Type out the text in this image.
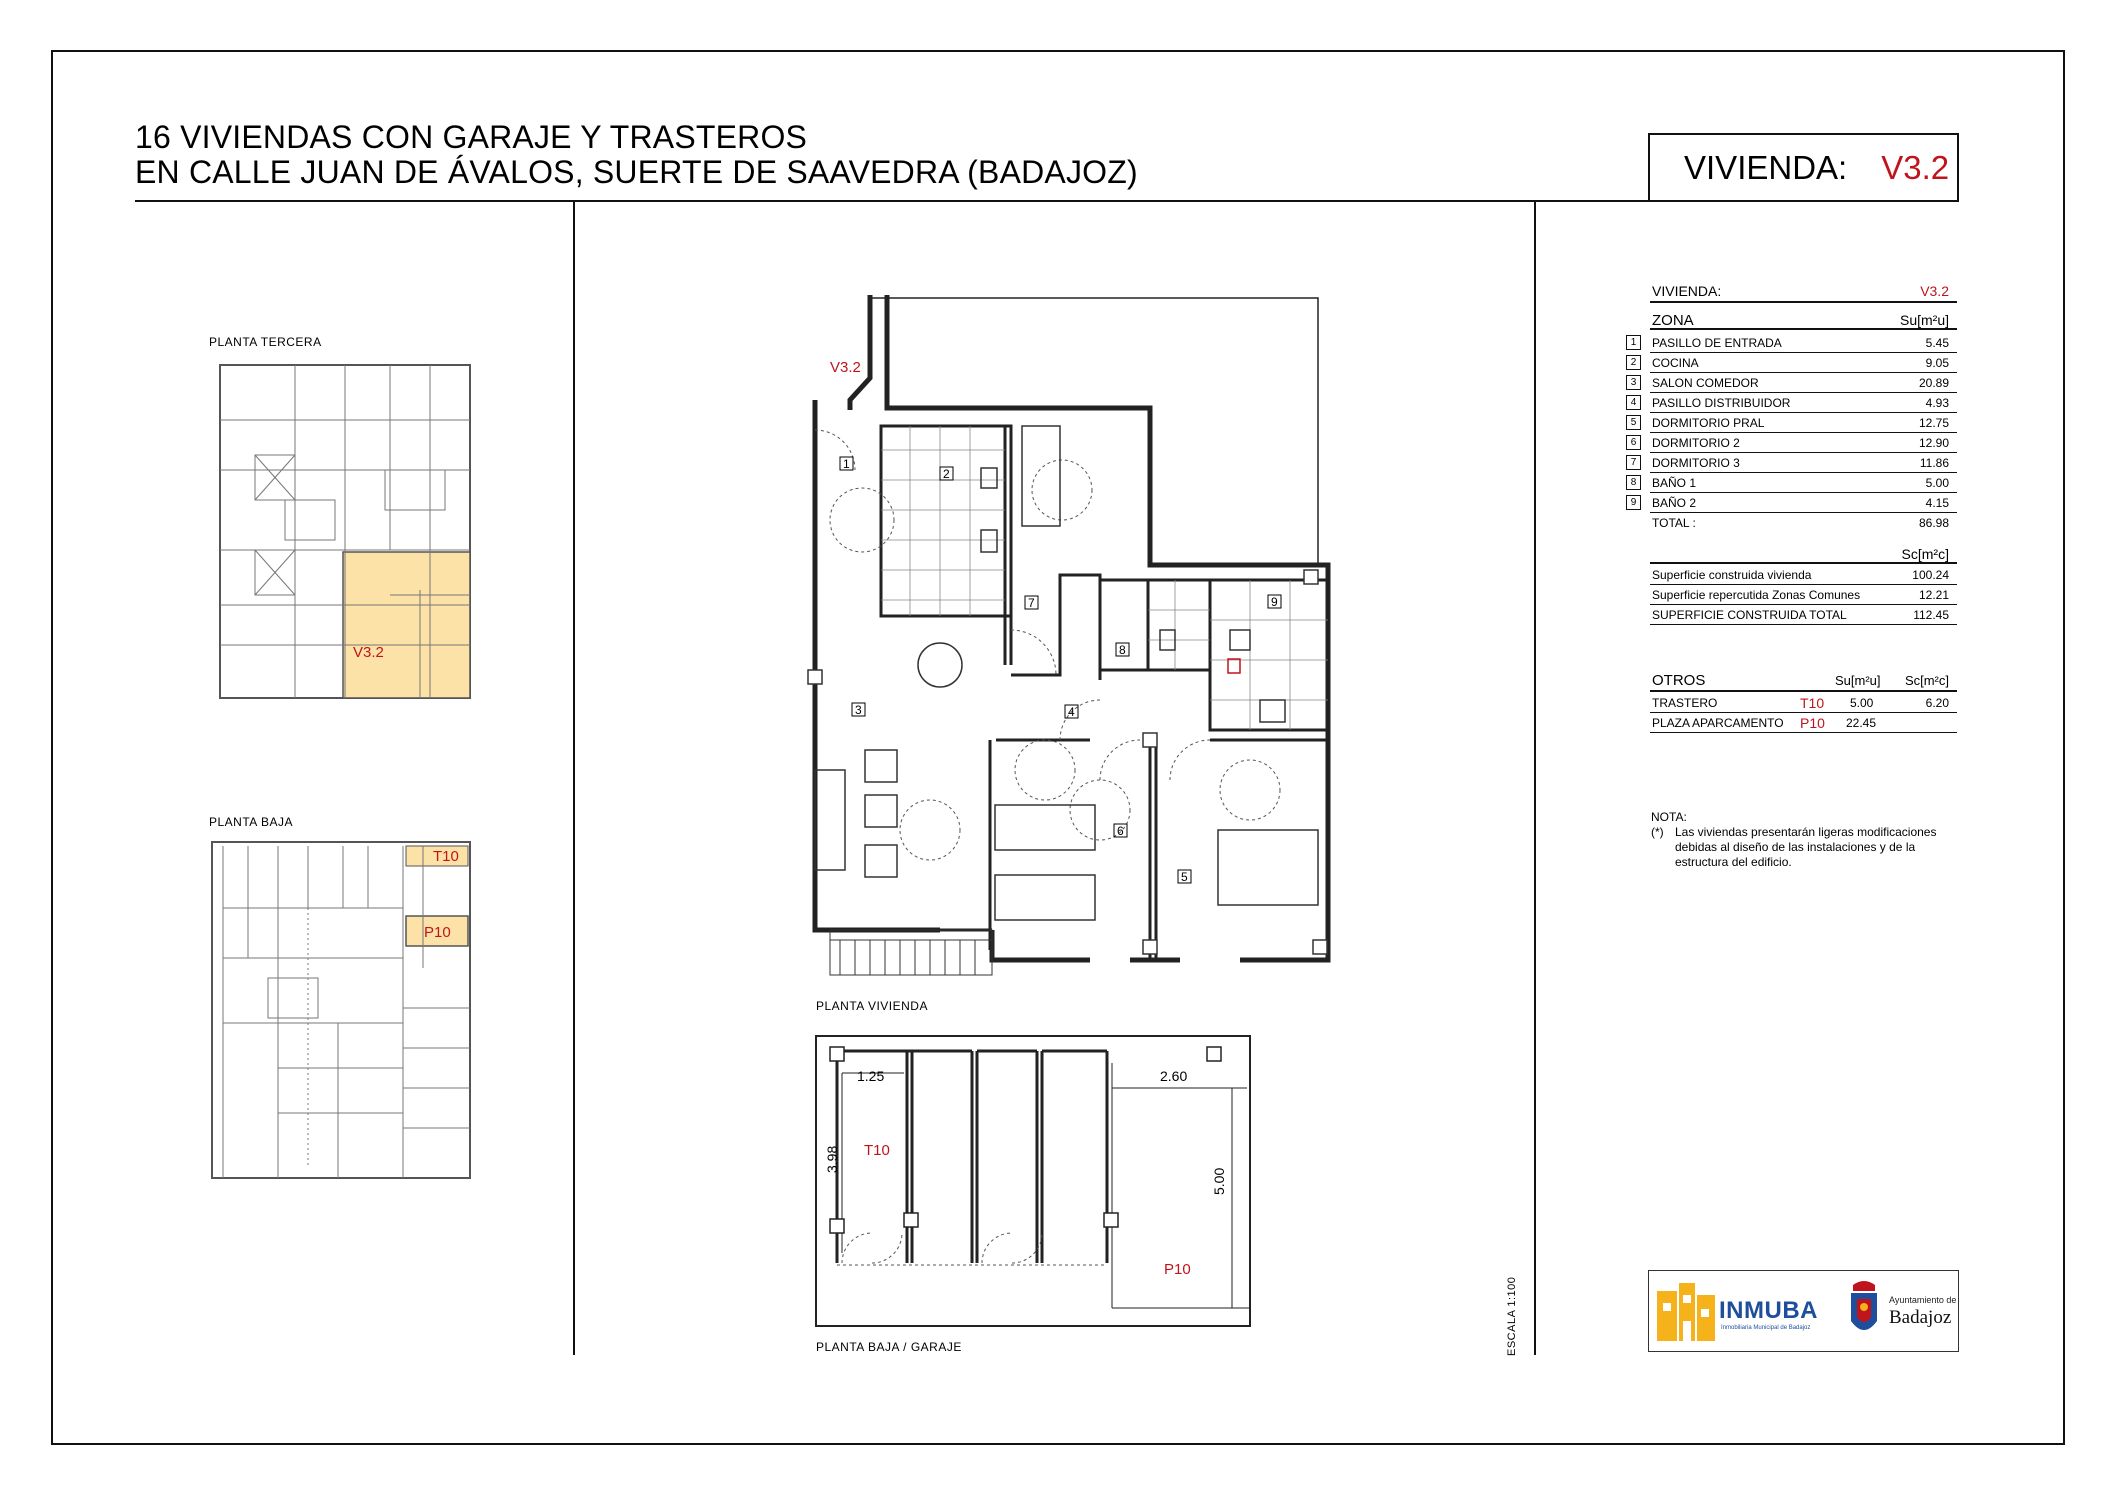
16 VIVIENDAS CON GARAJE Y TRASTEROS
EN CALLE JUAN DE ÁVALOS, SUERTE DE SAAVEDRA (BADAJOZ)	VIVIENDA: V3.2
PLANTA TERCERA
V3.2
PLANTA BAJA
T10
P10
V3.2
1
2
3	4
5
6
7
8
9
PLANTA VIVIENDA
1.25	2.60
3.98
5.00
T10
P10
PLANTA BAJA / GARAJE	ESCALA 1:100
VIVIENDA:	V3.2
ZONA	Su[m²u]
1	PASILLO DE ENTRADA	5.45
2	COCINA	9.05
3	SALON COMEDOR	20.89
4	PASILLO DISTRIBUIDOR	4.93
5	DORMITORIO PRAL	12.75
6	DORMITORIO 2	12.90
7	DORMITORIO 3	11.86
8	BAÑO 1	5.00
9	BAÑO 2	4.15
TOTAL :	86.98
Sc[m²c]
Superficie construida vivienda	100.24
Superficie repercutida Zonas Comunes	12.21
SUPERFICIE CONSTRUIDA TOTAL	112.45
OTROS	Su[m²u] Sc[m²c]
TRASTERO	T10 5.00	6.20
PLAZA APARCAMENTO P10 22.45
NOTA:
(*) Las viviendas presentarán ligeras modificaciones
debidas al diseño de las instalaciones y de la
estructura del edificio.
INMUBA
Inmobiliaria Municipal de Badajoz
Ayuntamiento de
Badajoz
